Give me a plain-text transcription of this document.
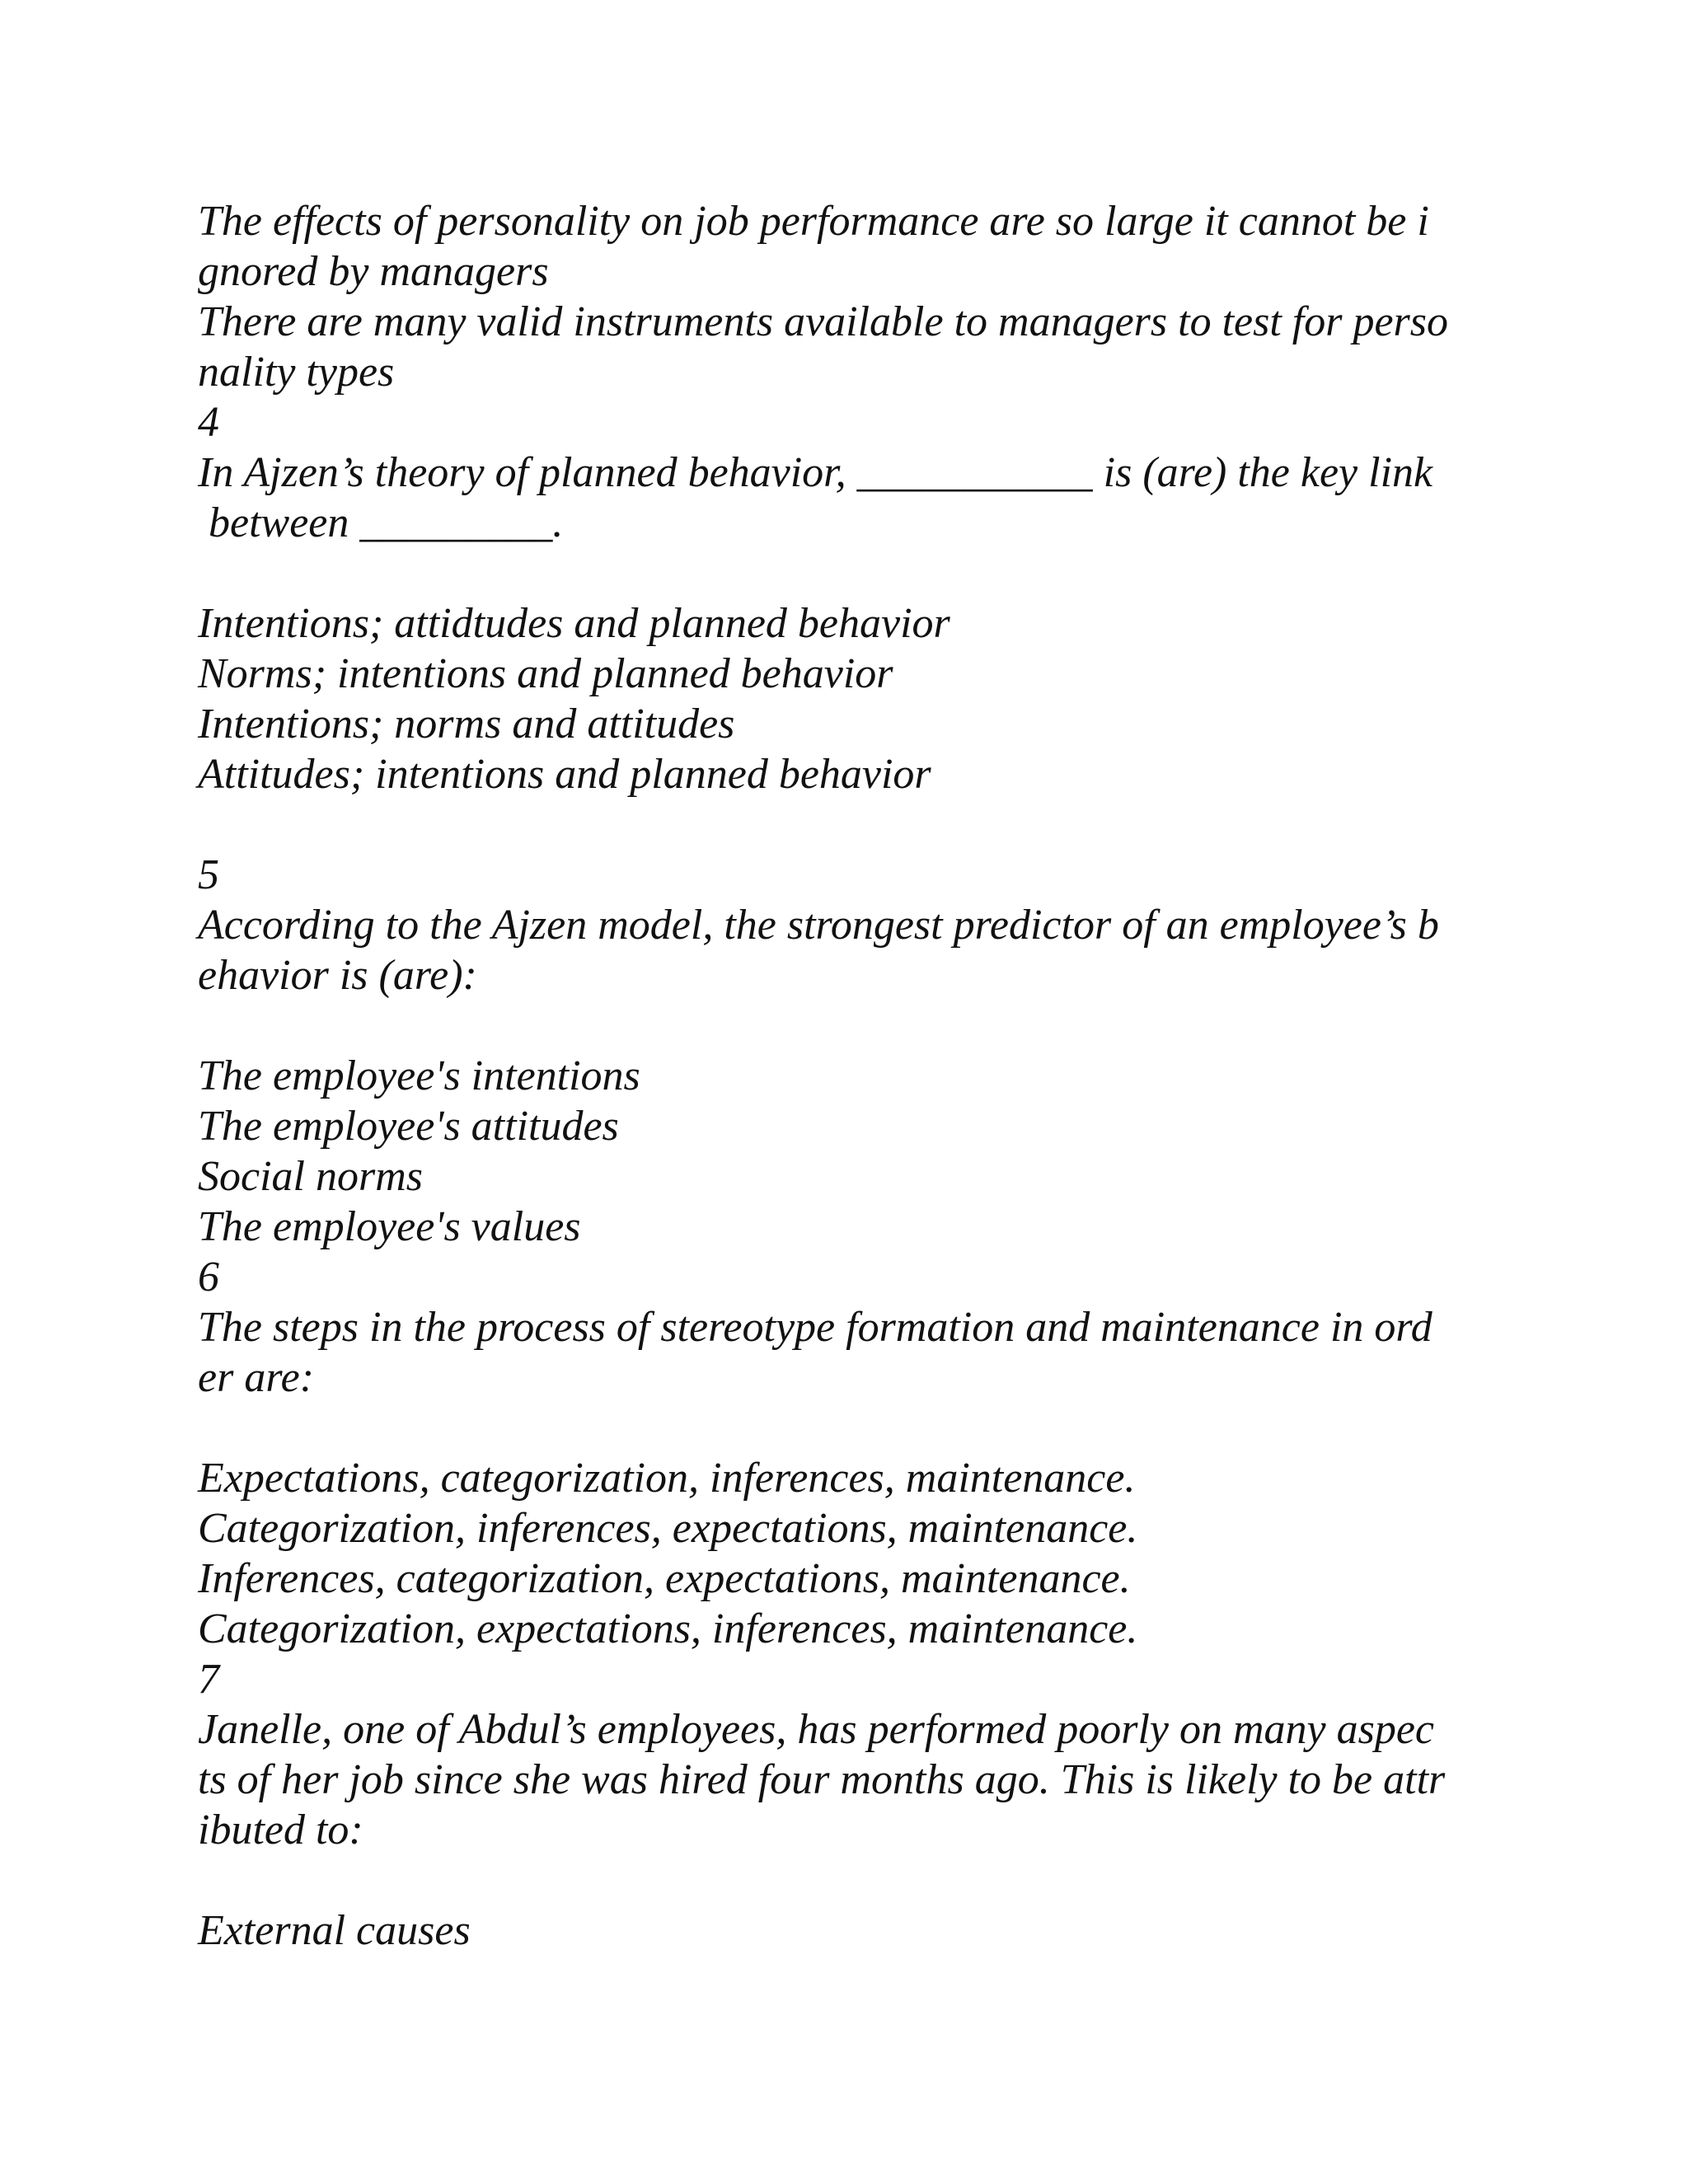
The effects of personality on job performance are so large it cannot be i
gnored by managers
There are many valid instruments available to managers to test for perso
nality types
4
In Ajzen’s theory of planned behavior, ___________ is (are) the key link
between _________.
Intentions; attidtudes and planned behavior
Norms; intentions and planned behavior
Intentions; norms and attitudes
Attitudes; intentions and planned behavior
5
According to the Ajzen model, the strongest predictor of an employee’s b
ehavior is (are):
The employee's intentions
The employee's attitudes
Social norms
The employee's values
6
The steps in the process of stereotype formation and maintenance in ord
er are:
Expectations, categorization, inferences, maintenance.
Categorization, inferences, expectations, maintenance.
Inferences, categorization, expectations, maintenance.
Categorization, expectations, inferences, maintenance.
7
Janelle, one of Abdul’s employees, has performed poorly on many aspec
ts of her job since she was hired four months ago. This is likely to be attr
ibuted to:
External causes
